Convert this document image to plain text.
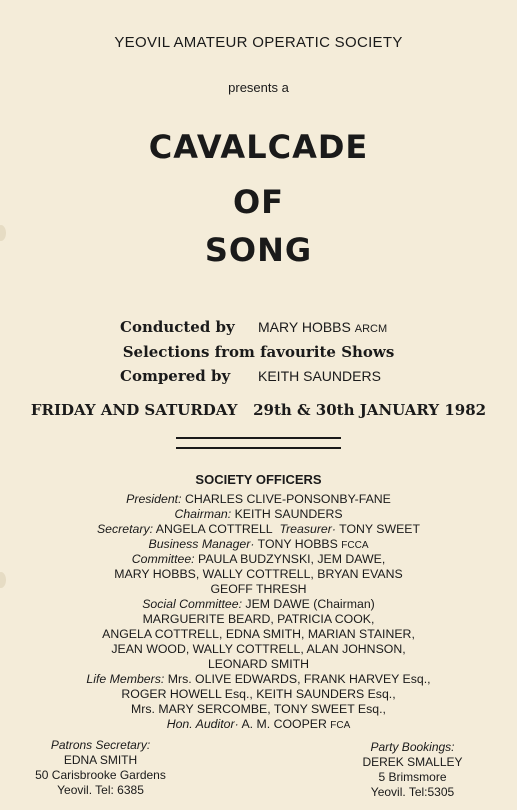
YEOVIL AMATEUR OPERATIC SOCIETY
presents a
CAVALCADE
OF
SONG
Conducted by MARY HOBBS ARCM
Selections from favourite Shows
Compered by KEITH SAUNDERS
FRIDAY AND SATURDAY 29th & 30th JANUARY 1982
SOCIETY OFFICERS
President: CHARLES CLIVE-PONSONBY-FANE
Chairman: KEITH SAUNDERS
Secretary: ANGELA COTTRELL Treasurer· TONY SWEET
Business Manager· TONY HOBBS FCCA
Committee: PAULA BUDZYNSKI, JEM DAWE,
MARY HOBBS, WALLY COTTRELL, BRYAN EVANS
GEOFF THRESH
Social Committee: JEM DAWE (Chairman)
MARGUERITE BEARD, PATRICIA COOK,
ANGELA COTTRELL, EDNA SMITH, MARIAN STAINER,
JEAN WOOD, WALLY COTTRELL, ALAN JOHNSON,
LEONARD SMITH
Life Members: Mrs. OLIVE EDWARDS, FRANK HARVEY Esq.,
ROGER HOWELL Esq., KEITH SAUNDERS Esq.,
Mrs. MARY SERCOMBE, TONY SWEET Esq.,
Hon. Auditor· A. M. COOPER FCA
Patrons Secretary:
EDNA SMITH
50 Carisbrooke Gardens
Yeovil. Tel: 6385
Party Bookings:
DEREK SMALLEY
5 Brimsmore
Yeovil. Tel:5305
